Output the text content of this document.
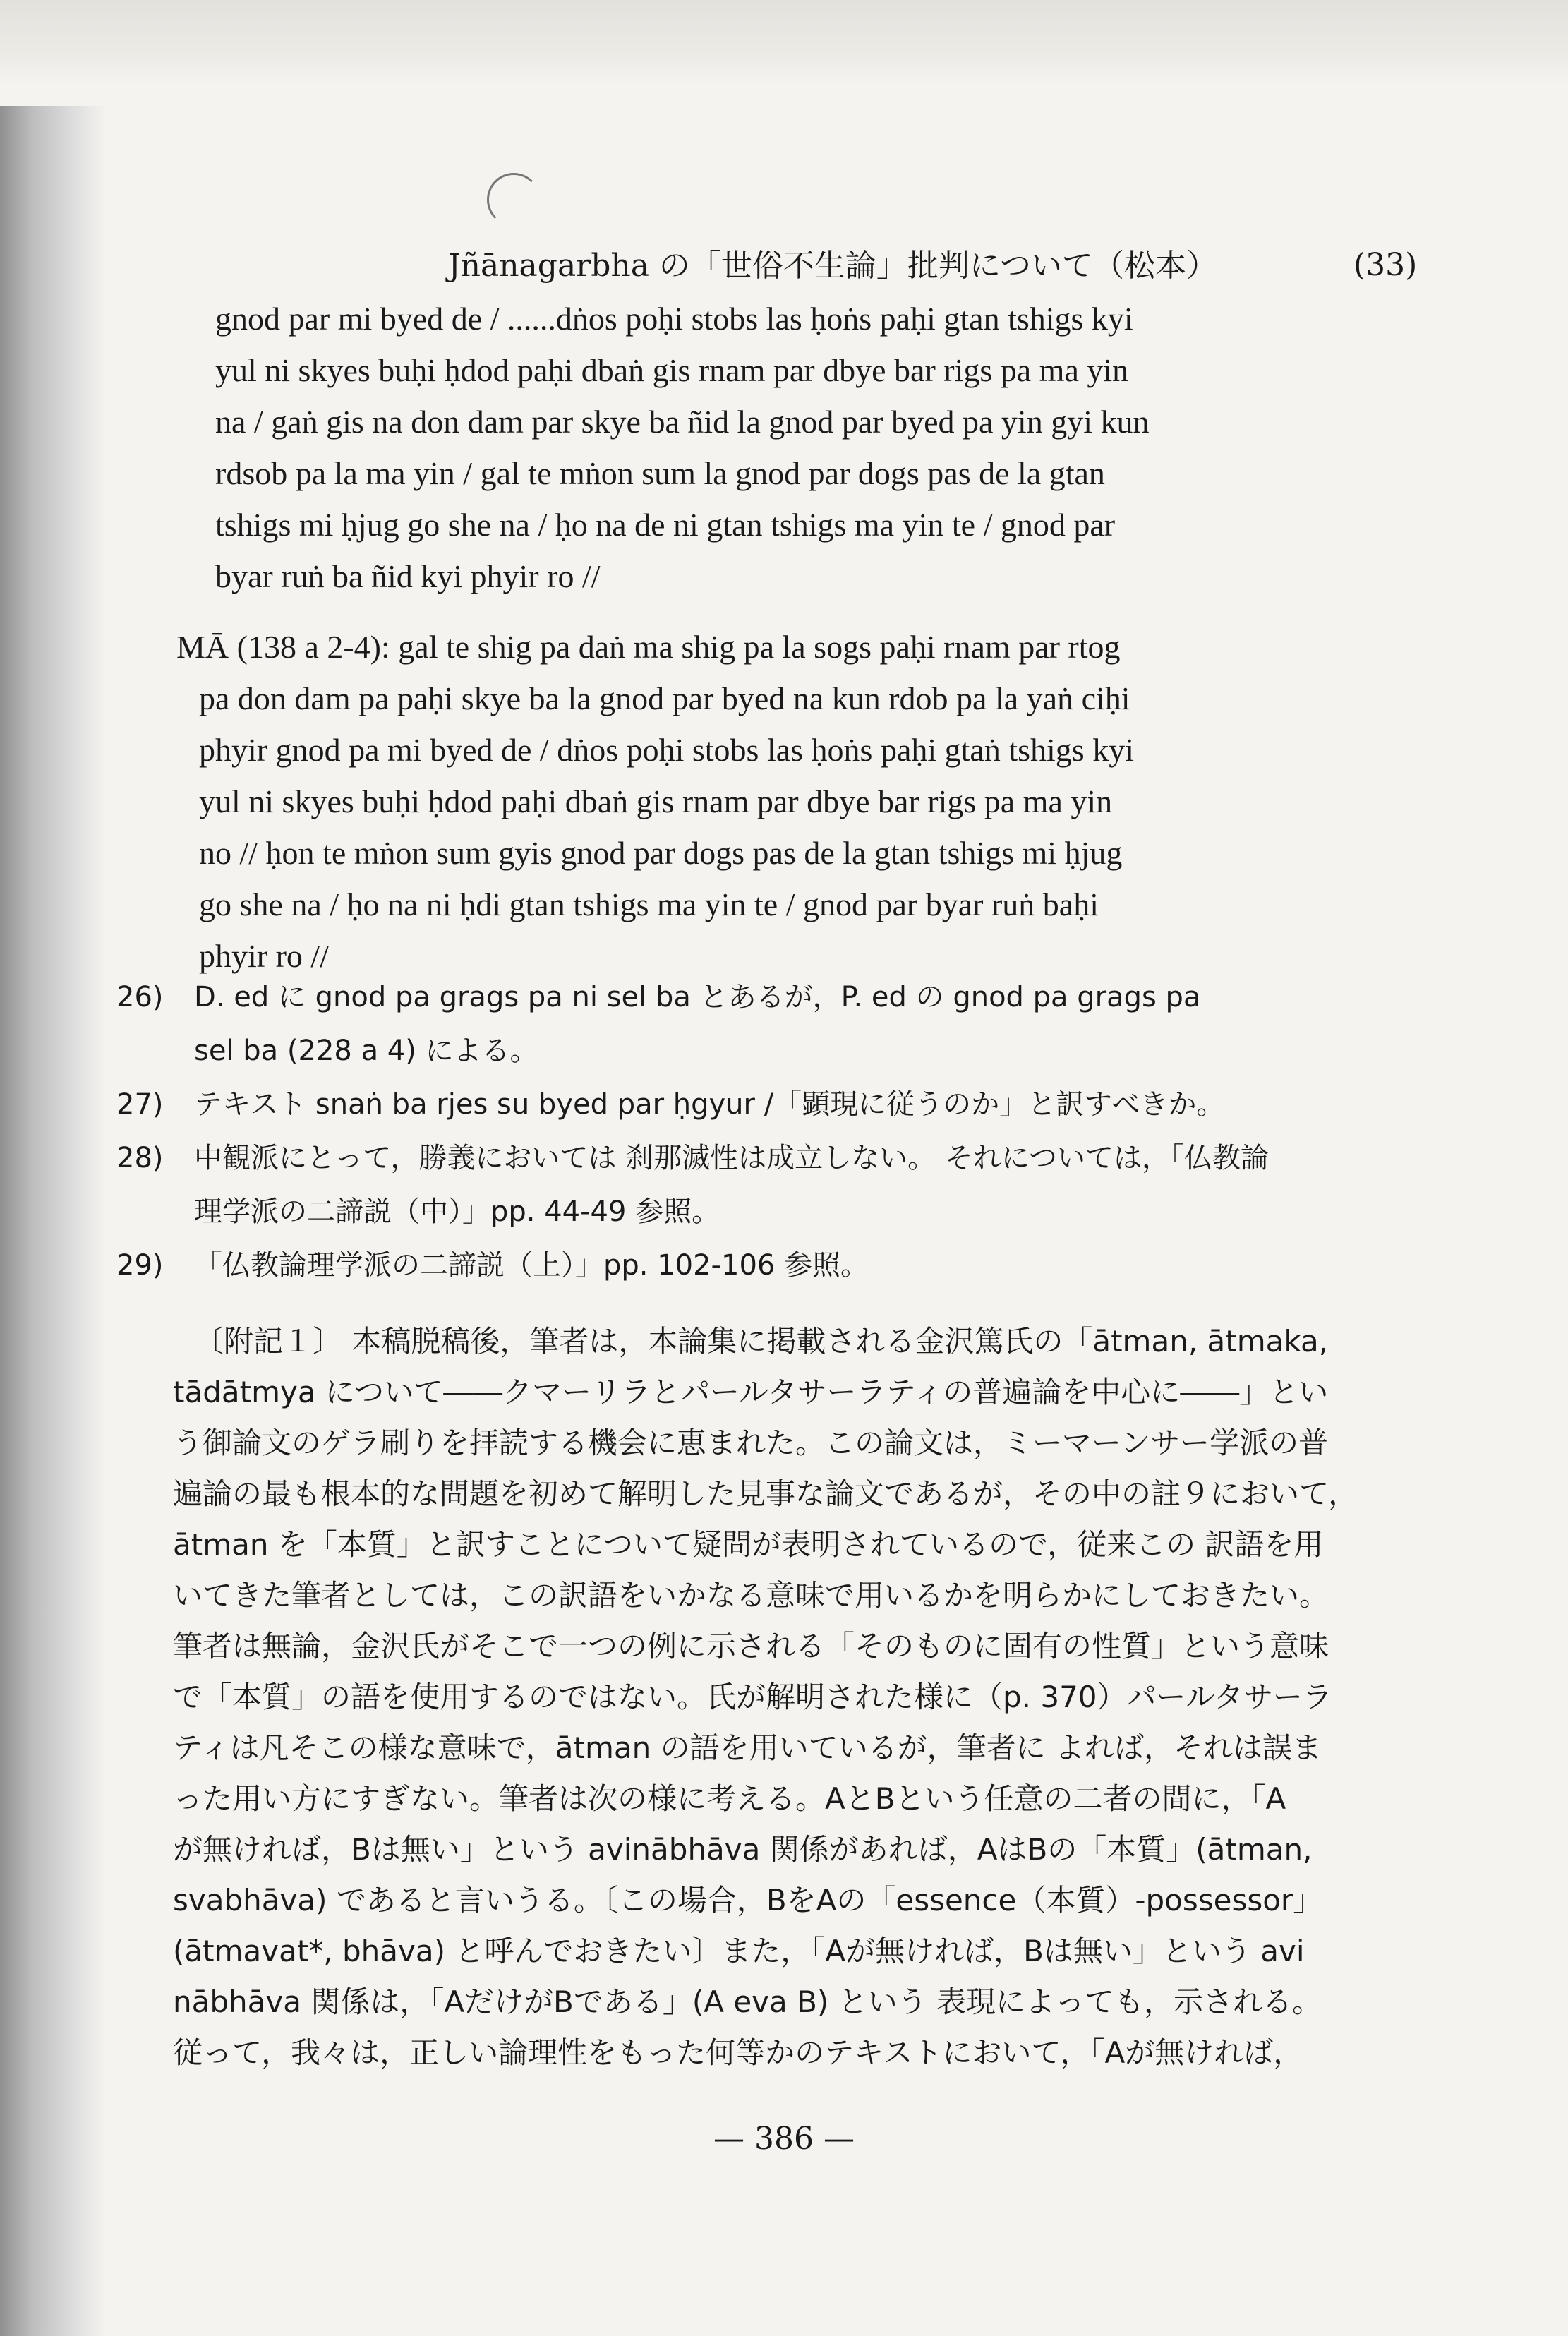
Jñānagarbha の「世俗不生論」批判について（松本）	(33)
gnod par mi byed de / ......dṅos poḥi stobs las ḥoṅs paḥi gtan tshigs kyi
yul ni skyes buḥi ḥdod paḥi dbaṅ gis rnam par dbye bar rigs pa ma yin
na / gaṅ gis na don dam par skye ba ñid la gnod par byed pa yin gyi kun
rdsob pa la ma yin / gal te mṅon sum la gnod par dogs pas de la gtan
tshigs mi ḥjug go she na / ḥo na de ni gtan tshigs ma yin te / gnod par
byar ruṅ ba ñid kyi phyir ro //
MĀ (138 a 2-4): gal te shig pa daṅ ma shig pa la sogs paḥi rnam par rtog
pa don dam pa paḥi skye ba la gnod par byed na kun rdob pa la yaṅ ciḥi
phyir gnod pa mi byed de / dṅos poḥi stobs las ḥoṅs paḥi gtaṅ tshigs kyi
yul ni skyes buḥi ḥdod paḥi dbaṅ gis rnam par dbye bar rigs pa ma yin
no // ḥon te mṅon sum gyis gnod par dogs pas de la gtan tshigs mi ḥjug
go she na / ḥo na ni ḥdi gtan tshigs ma yin te / gnod par byar ruṅ baḥi
phyir ro //
26)	D. ed に gnod pa grags pa ni sel ba とあるが，P. ed の gnod pa grags pa
sel ba (228 a 4) による。
27)	テキスト snaṅ ba rjes su byed par ḥgyur /「顕現に従うのか」と訳すべきか。
28)	中観派にとって，勝義においては 刹那滅性は成立しない。 それについては，「仏教論
理学派の二諦説（中）」pp. 44-49 参照。
29)	「仏教論理学派の二諦説（上）」pp. 102-106 参照。
〔附記１〕 本稿脱稿後，筆者は，本論集に掲載される金沢篤氏の「ātman, ātmaka,
tādātmya について――クマーリラとパールタサーラティの普遍論を中心に――」とい
う御論文のゲラ刷りを拝読する機会に恵まれた。この論文は，ミーマーンサー学派の普
遍論の最も根本的な問題を初めて解明した見事な論文であるが，その中の註９において，
ātman を「本質」と訳すことについて疑問が表明されているので，従来この 訳語を用
いてきた筆者としては，この訳語をいかなる意味で用いるかを明らかにしておきたい。
筆者は無論，金沢氏がそこで一つの例に示される「そのものに固有の性質」という意味
で「本質」の語を使用するのではない。氏が解明された様に（p. 370）パールタサーラ
ティは凡そこの様な意味で，ātman の語を用いているが，筆者に よれば，それは誤ま
った用い方にすぎない。筆者は次の様に考える。AとBという任意の二者の間に，「A
が無ければ，Bは無い」という avinābhāva 関係があれば，AはBの「本質」(ātman,
svabhāva) であると言いうる。〔この場合，BをAの「essence（本質）-possessor」
(ātmavat*, bhāva) と呼んでおきたい〕また，「Aが無ければ，Bは無い」という avi
nābhāva 関係は，「AだけがBである」(A eva B) という 表現によっても，示される。
従って，我々は，正しい論理性をもった何等かのテキストにおいて，「Aが無ければ，
— 386 —
